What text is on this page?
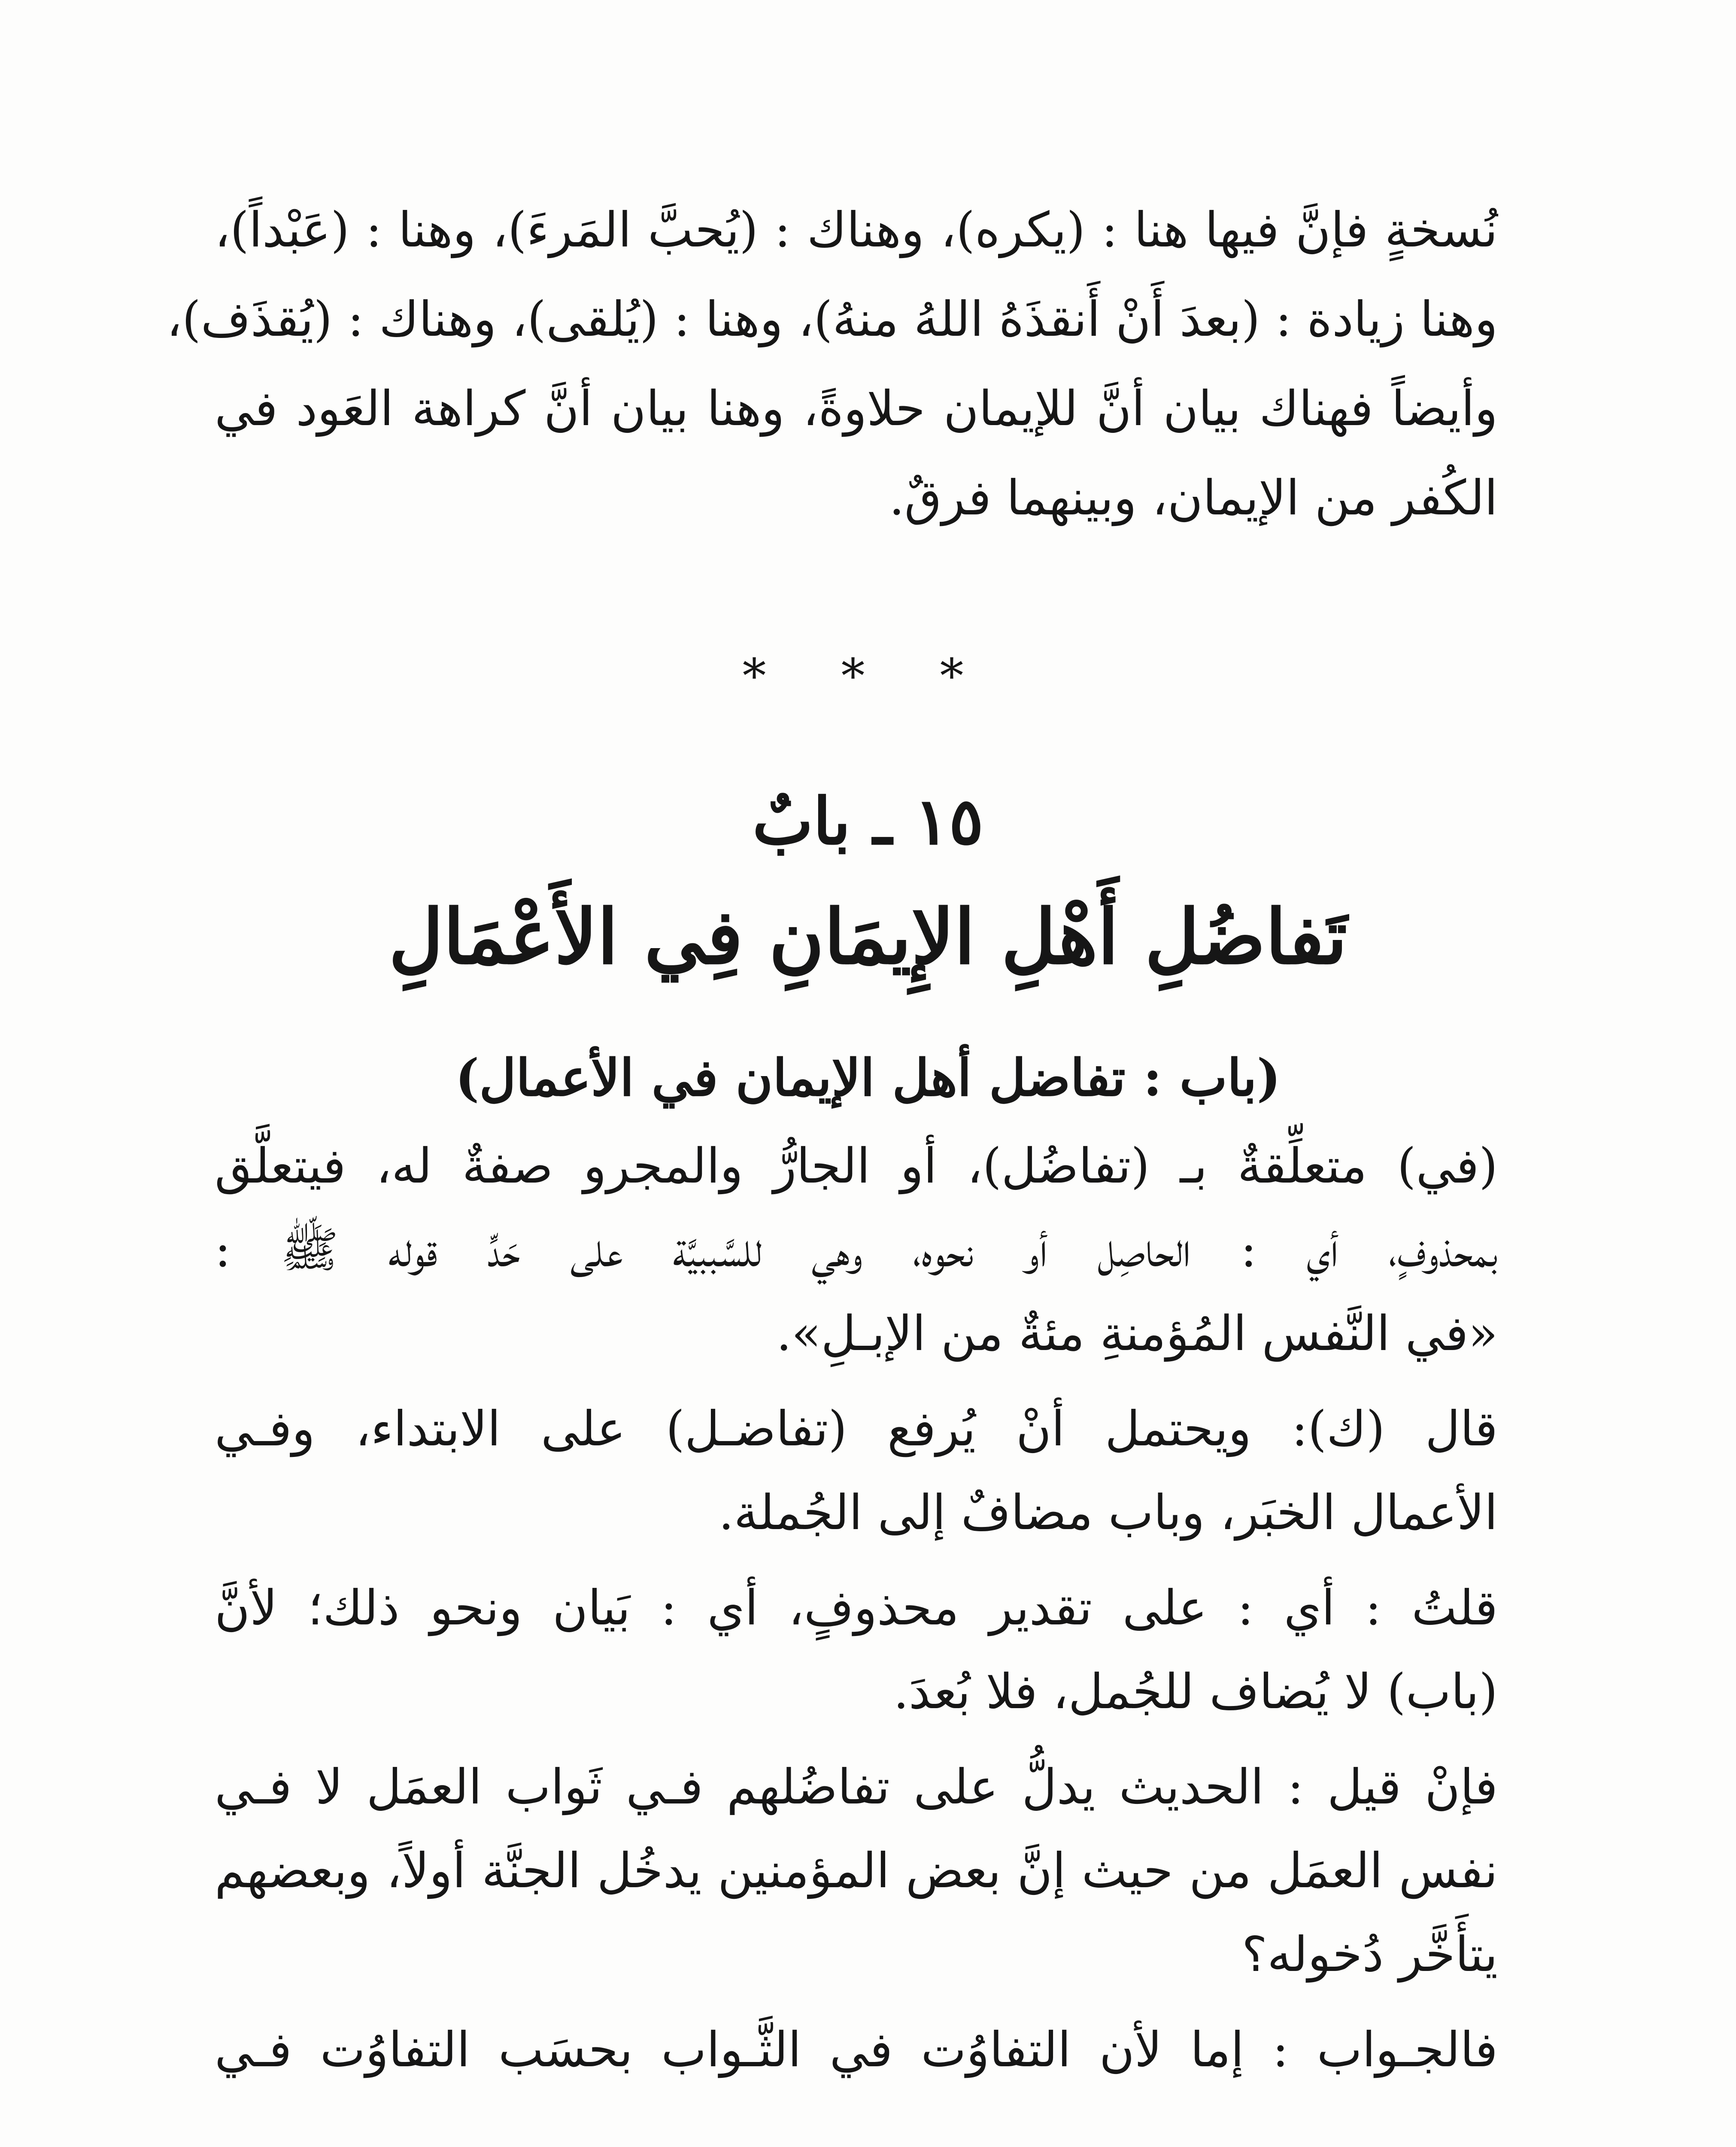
نُسخةٍ فإنَّ فيها هنا : (يكره)، وهناك : (يُحبَّ المَرءَ)، وهنا : (عَبْداً)،
وهنا زيادة : (بعدَ أَنْ أَنقذَهُ اللهُ منهُ)، وهنا : (يُلقى)، وهناك : (يُقذَف)،
وأيضاً فهناك بيان أنَّ للإيمان حلاوةً، وهنا بيان أنَّ كراهة العَود في
الكُفر من الإيمان، وبينهما فرقٌ.
* * *
١٥ ـ بابٌ
تَفاضُلِ أَهْلِ الإِيمَانِ فِي الأَعْمَالِ
(باب : تفاضل أهل الإيمان في الأعمال)
(في) متعلِّقةٌ بـ (تفاضُل)، أو الجارُّ والمجرو صفةٌ له، فيتعلَّق
بمحذوفٍ، أي : الحاصِل أو نحوه، وهي للسَّببيَّة على حَدِّ قوله ﷺ :
«في النَّفس المُؤمنةِ مئةٌ من الإبـلِ».
قال (ك): ويحتمل أنْ يُرفع (تفاضـل) على الابتداء، وفـي
الأعمال الخبَر، وباب مضافٌ إلى الجُملة.
قلتُ : أي : على تقدير محذوفٍ، أي : بَيان ونحو ذلك؛ لأنَّ
(باب) لا يُضاف للجُمل، فلا بُعدَ.
فإنْ قيل : الحديث يدلُّ على تفاضُلهم فـي ثَواب العمَل لا فـي
نفس العمَل من حيث إنَّ بعض المؤمنين يدخُل الجنَّة أولاً، وبعضهم
يتأَخَّر دُخوله؟
فالجـواب : إما لأن التفاوُت في الثَّـواب بحسَب التفاوُت فـي
